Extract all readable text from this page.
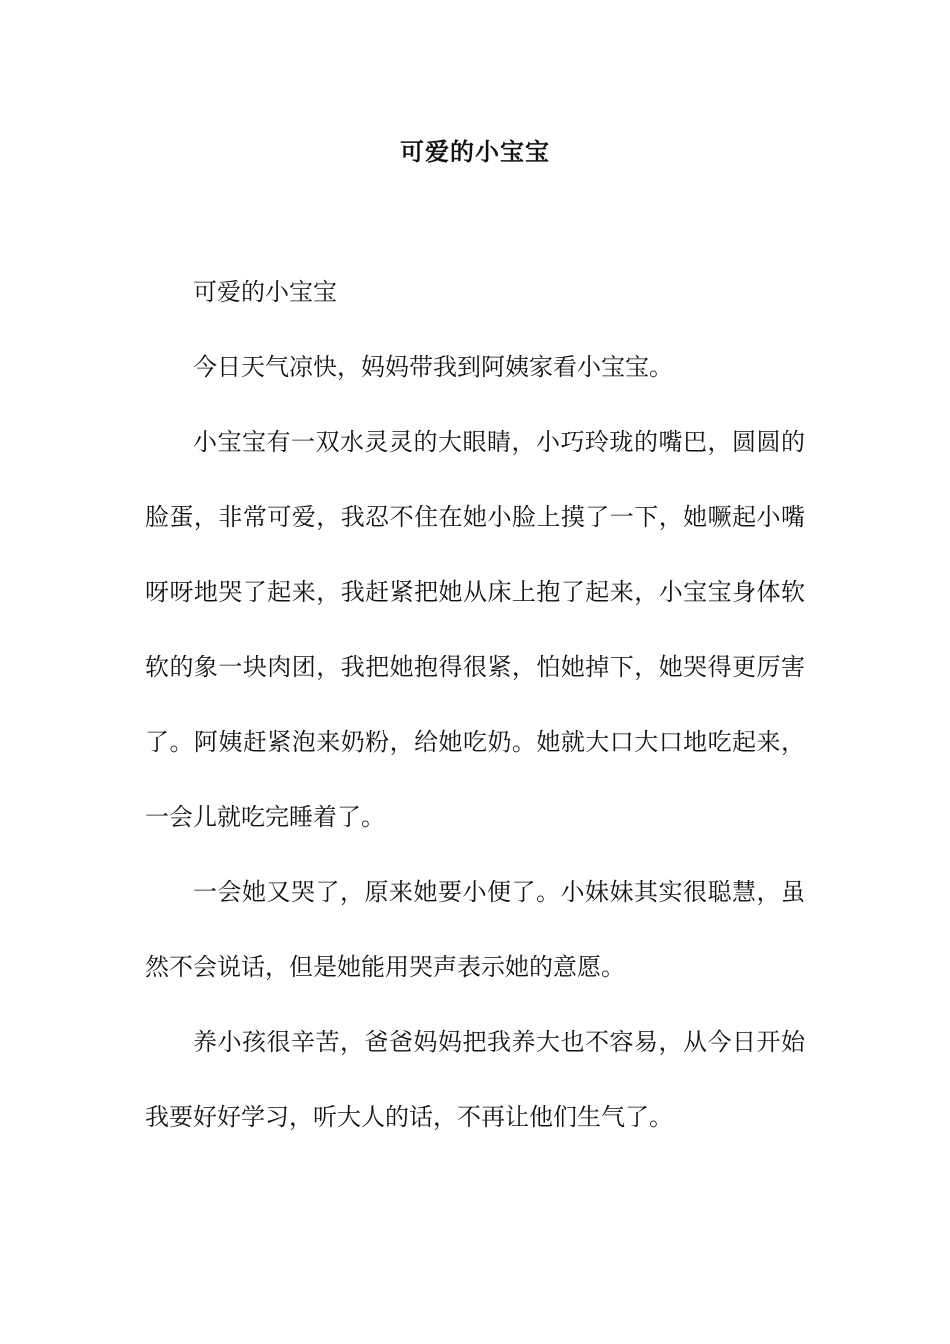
可爱的小宝宝

可爱的小宝宝

今日天气凉快，妈妈带我到阿姨家看小宝宝。

小宝宝有一双水灵灵的大眼睛，小巧玲珑的嘴巴，圆圆的脸蛋，非常可爱，我忍不住在她小脸上摸了一下，她噘起小嘴呀呀地哭了起来，我赶紧把她从床上抱了起来，小宝宝身体软软的象一块肉团，我把她抱得很紧，怕她掉下，她哭得更厉害了。阿姨赶紧泡来奶粉，给她吃奶。她就大口大口地吃起来，一会儿就吃完睡着了。

一会她又哭了，原来她要小便了。小妹妹其实很聪慧，虽然不会说话，但是她能用哭声表示她的意愿。

养小孩很辛苦，爸爸妈妈把我养大也不容易，从今日开始我要好好学习，听大人的话，不再让他们生气了。
